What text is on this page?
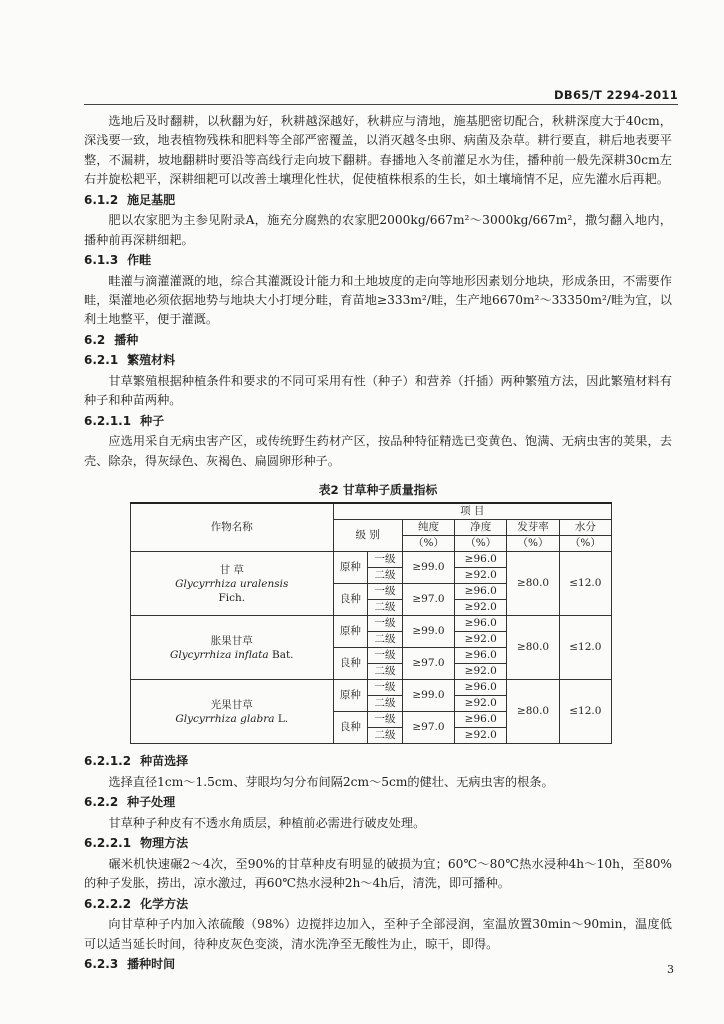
DB65/T 2294-2011

选地后及时翻耕，以秋翻为好，秋耕越深越好，秋耕应与清地，施基肥密切配合，秋耕深度大于40cm，深浅要一致，地表植物残株和肥料等全部严密覆盖，以消灭越冬虫卵、病菌及杂草。耕行要直，耕后地表要平整，不漏耕，坡地翻耕时要沿等高线行走向坡下翻耕。春播地入冬前灌足水为佳，播种前一般先深耕30cm左右并旋松耙平，深耕细耙可以改善土壤理化性状，促使植株根系的生长，如土壤墒情不足，应先灌水后再耙。

6.1.2 施足基肥

肥以农家肥为主参见附录A，施充分腐熟的农家肥2000kg/667m²～3000kg/667m²，撒匀翻入地内，播种前再深耕细耙。

6.1.3 作畦

畦灌与滴灌灌溉的地，综合其灌溉设计能力和土地坡度的走向等地形因素划分地块，形成条田，不需要作畦，渠灌地必须依据地势与地块大小打埂分畦，育苗地≥333m²/畦，生产地6670m²～33350m²/畦为宜，以利土地整平，便于灌溉。

6.2 播种
6.2.1 繁殖材料

甘草繁殖根据种植条件和要求的不同可采用有性（种子）和营养（扦插）两种繁殖方法，因此繁殖材料有种子和种苗两种。

6.2.1.1 种子

应选用采自无病虫害产区，或传统野生药材产区，按品种特征精选已变黄色、饱满、无病虫害的荚果，去壳、除杂，得灰绿色、灰褐色、扁圆卵形种子。

表2 甘草种子质量指标
作物名称	项 目					
	级 别		纯度	净度	发芽率	水分
			（%）	（%）	（%）	（%）

甘 草
Glycyrrhiza uralensis
Fich.	原种	一级	≥99.0	≥96.0	≥80.0	≤12.0
		二级		≥92.0		
	良种	一级	≥97.0	≥96.0		
		二级		≥92.0		

胀果甘草
Glycyrrhiza inflata Bat.	原种	一级	≥99.0	≥96.0	≥80.0	≤12.0
		二级		≥92.0		
	良种	一级	≥97.0	≥96.0		
		二级		≥92.0		

光果甘草
Glycyrrhiza glabra L.	原种	一级	≥99.0	≥96.0	≥80.0	≤12.0
		二级		≥92.0		
	良种	一级	≥97.0	≥96.0		
		二级		≥92.0		
6.2.1.2 种苗选择

选择直径1cm～1.5cm、芽眼均匀分布间隔2cm～5cm的健壮、无病虫害的根条。

6.2.2 种子处理

甘草种子种皮有不透水角质层，种植前必需进行破皮处理。

6.2.2.1 物理方法

碾米机快速碾2～4次，至90%的甘草种皮有明显的破损为宜；60℃～80℃热水浸种4h～10h，至80%的种子发胀，捞出，凉水激过，再60℃热水浸种2h～4h后，清洗，即可播种。

6.2.2.2 化学方法

向甘草种子内加入浓硫酸（98%）边搅拌边加入，至种子全部浸润，室温放置30min～90min，温度低可以适当延长时间，待种皮灰色变淡，清水洗净至无酸性为止，晾干，即得。

6.2.3 播种时间	3
